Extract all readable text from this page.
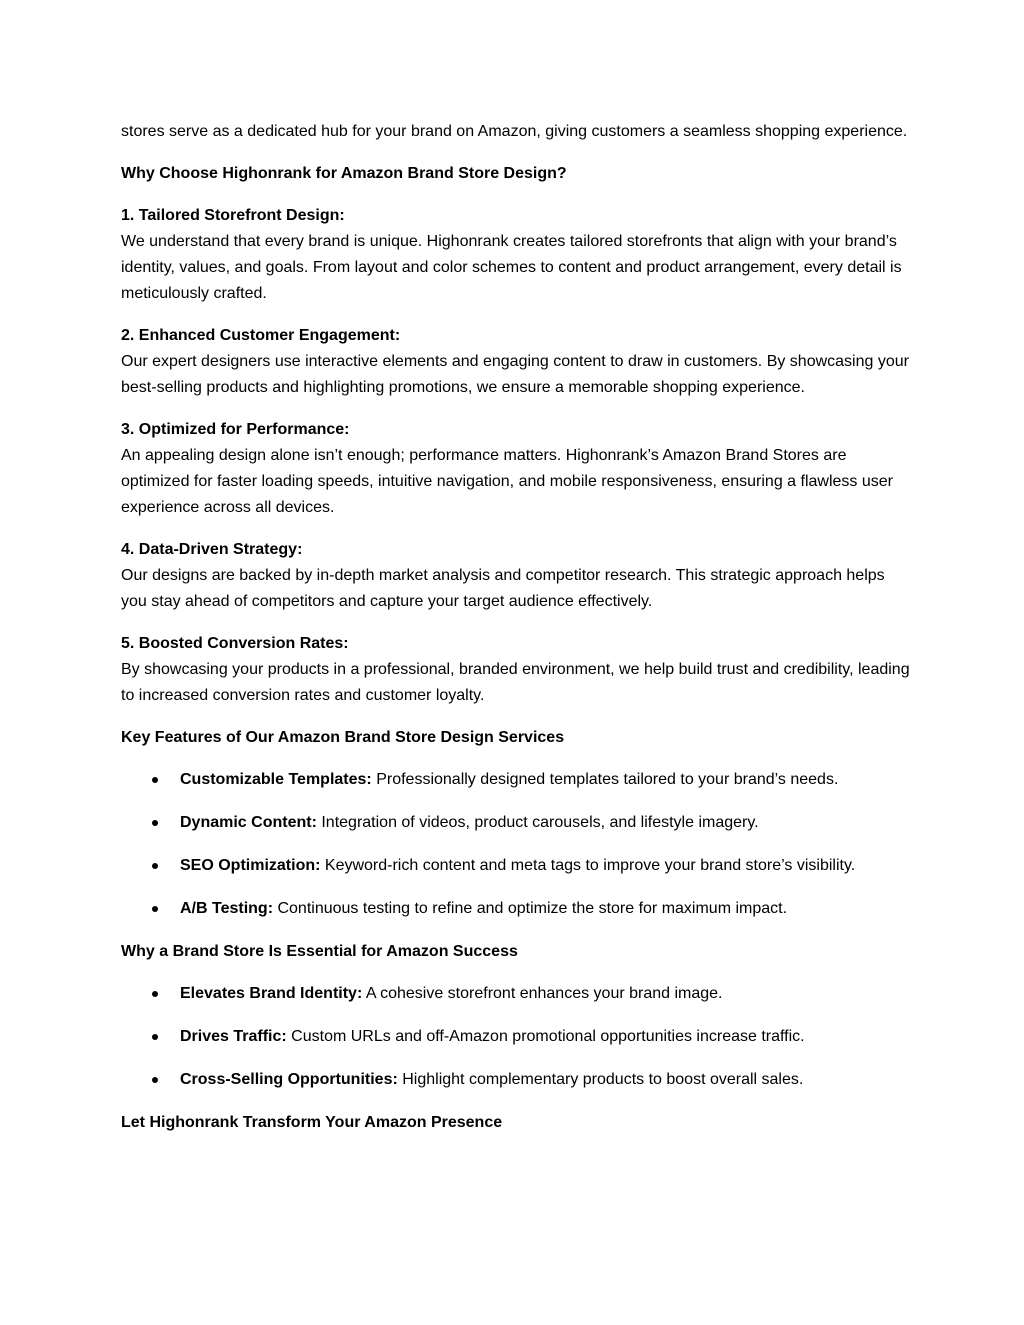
stores serve as a dedicated hub for your brand on Amazon, giving customers a seamless shopping experience.

Why Choose Highonrank for Amazon Brand Store Design?

1. Tailored Storefront Design:

We understand that every brand is unique. Highonrank creates tailored storefronts that align with your brand’s identity, values, and goals. From layout and color schemes to content and product arrangement, every detail is meticulously crafted.

2. Enhanced Customer Engagement:

Our expert designers use interactive elements and engaging content to draw in customers. By showcasing your best-selling products and highlighting promotions, we ensure a memorable shopping experience.

3. Optimized for Performance:

An appealing design alone isn’t enough; performance matters. Highonrank’s Amazon Brand Stores are optimized for faster loading speeds, intuitive navigation, and mobile responsiveness, ensuring a flawless user experience across all devices.

4. Data-Driven Strategy:

Our designs are backed by in-depth market analysis and competitor research. This strategic approach helps you stay ahead of competitors and capture your target audience effectively.

5. Boosted Conversion Rates:

By showcasing your products in a professional, branded environment, we help build trust and credibility, leading to increased conversion rates and customer loyalty.

Key Features of Our Amazon Brand Store Design Services

Customizable Templates: Professionally designed templates tailored to your brand’s needs.
Dynamic Content: Integration of videos, product carousels, and lifestyle imagery.
SEO Optimization: Keyword-rich content and meta tags to improve your brand store’s visibility.
A/B Testing: Continuous testing to refine and optimize the store for maximum impact.

Why a Brand Store Is Essential for Amazon Success

Elevates Brand Identity: A cohesive storefront enhances your brand image.
Drives Traffic: Custom URLs and off-Amazon promotional opportunities increase traffic.
Cross-Selling Opportunities: Highlight complementary products to boost overall sales.

Let Highonrank Transform Your Amazon Presence
